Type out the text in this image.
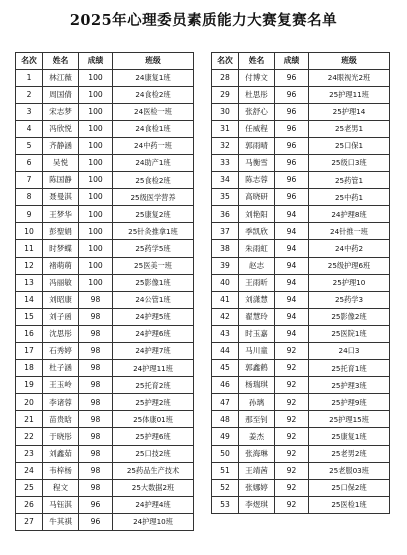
2025年心理委员素质能力大赛复赛名单
名次	姓名	成绩	班级
1	林江薇	100	24康复1班
2	周国倩	100	24食检2班
3	宋志梦	100	24医检一班
4	冯欣悦	100	24食检1班
5	齐静涵	100	24中药一班
6	吴悦	100	24助产1班
7	陈国静	100	25食检2班
8	聂曼淇	100	25级医学营养
9	王梦华	100	25康复2班
10	彭聖娟	100	25针灸推拿1班
11	时梦蝶	100	25药学5班
12	褚萌萌	100	25医美一班
13	冯丽敏	100	25影像1班
14	刘昭康	98	24公管1班
15	刘子函	98	24护理5班
16	沈思彤	98	24护理6班
17	石秀婷	98	24护理7班
18	杜子涵	98	24护理11班
19	王玉岭	98	25托育2班
20	李诸蓉	98	25护理2班
21	苗贵晗	98	25体康01班
22	于晓彤	98	25护理6班
23	刘鑫茹	98	25口技2班
24	韦梓杨	98	25药品生产技术
25	程文	98	25大数据2班
26	马钰淇	96	24护理4班
27	牛其祺	96	24护理10班
名次	姓名	成绩	班级
28	付博文	96	24眼视光2班
29	杜思彤	96	25护理11班
30	张舒心	96	25护理14
31	任威程	96	25老男1
32	郭雨晴	96	25口保1
33	马衡雪	96	25级口3班
34	陈志蓉	96	25药管1
35	高晓研	96	25中药1
36	刘艳阳	94	24护理8班
37	季凯欣	94	24针推一班
38	朱雨虹	94	24中药2
39	赵志	94	25级护理6班
40	王雨昕	94	25护理10
41	刘潇慧	94	25药学3
42	翟慧玲	94	25影像2班
43	时玉嘉	94	25医院1班
44	马川童	92	24口3
45	郭鑫鹤	92	25托育1班
46	杨瑞琪	92	25护理3班
47	孙璃	92	25护理9班
48	那至钊	92	25护理15班
49	姜杰	92	25康复1班
50	张海琳	92	25老男2班
51	王靖茜	92	25老服03班
52	张娜婷	92	25口保2班
53	李煜琪	92	25医检1班
